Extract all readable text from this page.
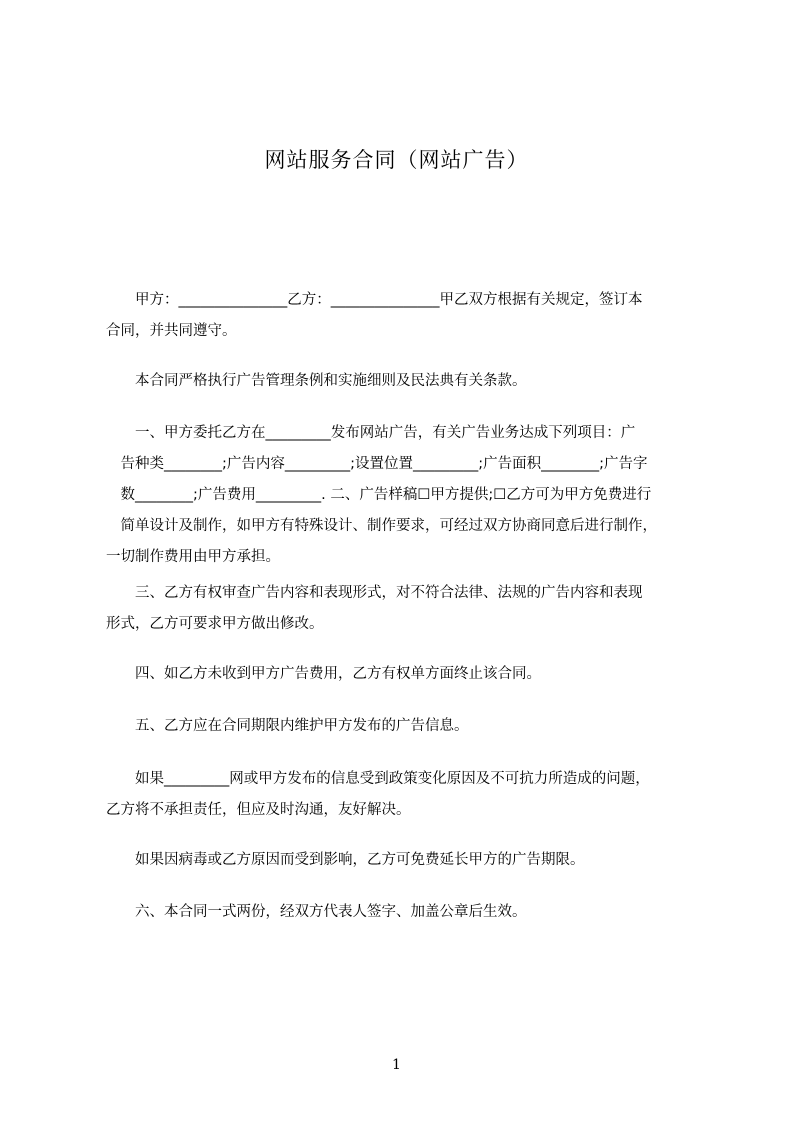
网站服务合同（网站广告）
　　甲方：_______________乙方：_______________甲乙双方根据有关规定，签订本
合同，并共同遵守。
　　本合同严格执行广告管理条例和实施细则及民法典有关条款。
　　一、甲方委托乙方在_________发布网站广告，有关广告业务达成下列项目：广
　告种类________;广告内容_________;设置位置_________;广告面积________;广告字
　数________;广告费用_________. 二、广告样稿☐甲方提供;☐乙方可为甲方免费进行
　简单设计及制作，如甲方有特殊设计、制作要求，可经过双方协商同意后进行制作，
一切制作费用由甲方承担。
　　三、乙方有权审查广告内容和表现形式，对不符合法律、法规的广告内容和表现
形式，乙方可要求甲方做出修改。
　　四、如乙方未收到甲方广告费用，乙方有权单方面终止该合同。
　　五、乙方应在合同期限内维护甲方发布的广告信息。
　　如果_________网或甲方发布的信息受到政策变化原因及不可抗力所造成的问题，
乙方将不承担责任，但应及时沟通，友好解决。
　　如果因病毒或乙方原因而受到影响，乙方可免费延长甲方的广告期限。
　　六、本合同一式两份，经双方代表人签字、加盖公章后生效。
1
